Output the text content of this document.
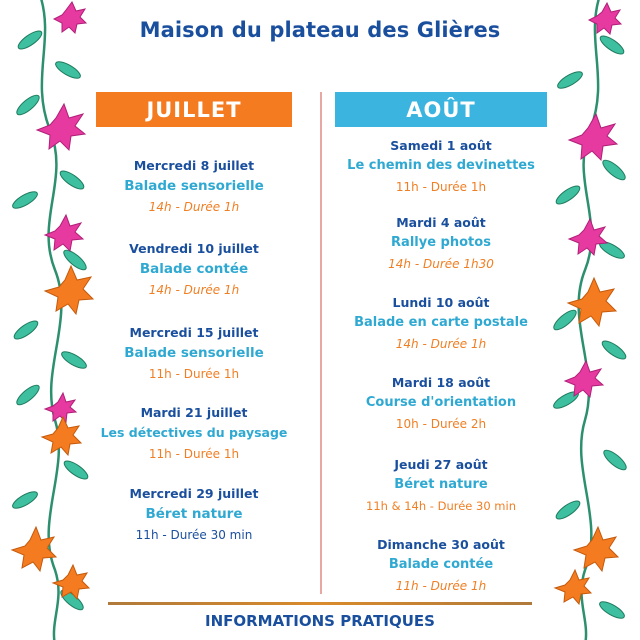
Maison du plateau des Glières
JUILLET
Mercredi 8 juillet
Balade sensorielle
14h - Durée 1h
Vendredi 10 juillet
Balade contée
14h - Durée 1h
Mercredi 15 juillet
Balade sensorielle
11h - Durée 1h
Mardi 21 juillet
Les détectives du paysage
11h - Durée 1h
Mercredi 29 juillet
Béret nature
11h - Durée 30 min
AOÛT
Samedi 1 août
Le chemin des devinettes
11h - Durée 1h
Mardi 4 août
Rallye photos
14h - Durée 1h30
Lundi 10 août
Balade en carte postale
14h - Durée 1h
Mardi 18 août
Course d'orientation
10h - Durée 2h
Jeudi 27 août
Béret nature
11h & 14h - Durée 30 min
Dimanche 30 août
Balade contée
11h - Durée 1h
INFORMATIONS PRATIQUES
